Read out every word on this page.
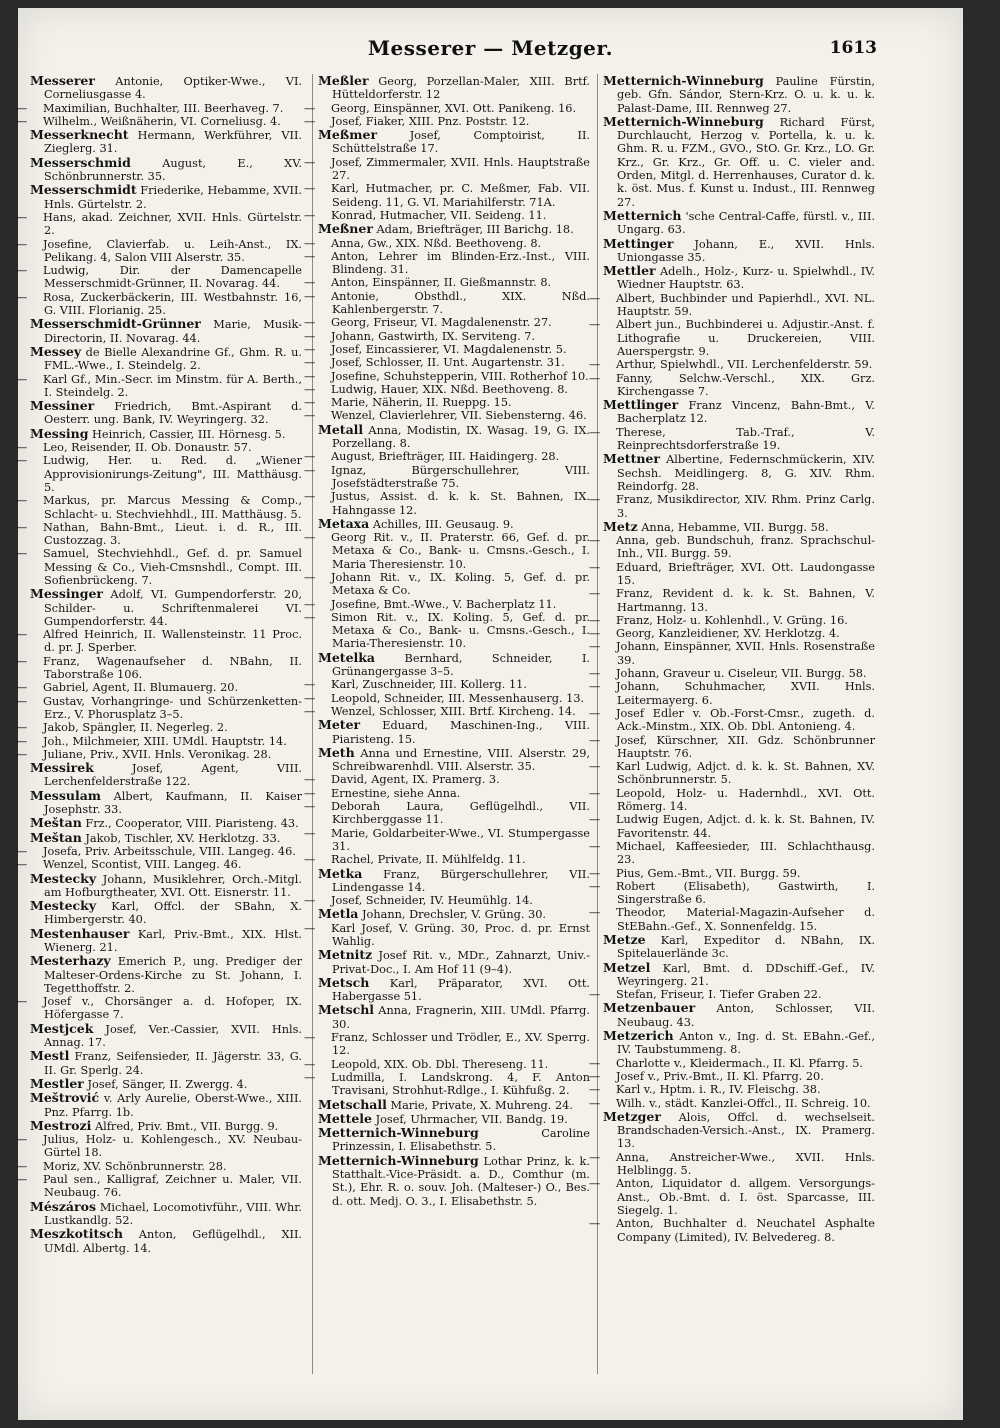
Messerer — Metzger.	1613
Messerer Antonie, Optiker-Wwe., VI. Corneliusgasse 4.
— Maximilian, Buchhalter, III. Beerhaveg. 7.
— Wilhelm., Weißnäherin, VI. Corneliusg. 4.
Messerknecht Hermann, Werkführer, VII. Zieglerg. 31.
Messerschmid	August, E., XV. Schönbrunnerstr. 35.
Messerschmidt Friederike, Hebamme, XVII. Hnls. Gürtelstr. 2.
— Hans, akad. Zeichner, XVII. Hnls. Gürtelstr. 2.
— Josefine, Clavierfab. u. Leih-Anst., IX. Pelikang. 4, Salon VIII Alserstr. 35.
— Ludwig, Dir. der Damencapelle Messerschmidt-Grünner, II. Novarag. 44.
— Rosa, Zuckerbäckerin, III. Westbahnstr. 16, G. VIII. Florianig. 25.
Messerschmidt-Grünner Marie, Musik-Directorin, II. Novarag. 44.
Messey de Bielle Alexandrine Gf., Ghm. R. u. FML.-Wwe., I. Steindelg. 2.
— Karl Gf., Min.-Secr. im Minstm. für A. Berth., I. Steindelg. 2.
Messiner Friedrich, Bmt.-Aspirant d. Oesterr. ung. Bank, IV. Weyringerg. 32.
Messing Heinrich, Cassier, III. Hörnesg. 5.
— Leo, Reisender, II. Ob. Donaustr. 57.
— Ludwig, Her. u. Red. d. „Wiener Approvisionirungs-Zeitung", III. Matthäusg. 5.
— Markus, pr. Marcus Messing & Comp., Schlacht- u. Stechviehhdl., III. Matthäusg. 5.
— Nathan, Bahn-Bmt., Lieut. i. d. R., III. Custozzag. 3.
— Samuel, Stechviehhdl., Gef. d. pr. Samuel Messing & Co., Vieh-Cmsnshdl., Compt. III. Sofienbrückeng. 7.
Messinger Adolf, VI. Gumpendorferstr. 20, Schilder- u. Schriftenmalerei VI. Gumpendorferstr. 44.
— Alfred Heinrich, II. Wallensteinstr. 11 Proc. d. pr. J. Sperber.
— Franz, Wagenaufseher d. NBahn, II. Taborstraße 106.
— Gabriel, Agent, II. Blumauerg. 20.
— Gustav, Vorhangringe- und Schürzenketten-Erz., V. Phorusplatz 3–5.
— Jakob, Spängler, II. Negerleg. 2.
— Joh., Milchmeier, XIII. UMdl. Hauptstr. 14.
— Juliane, Priv., XVII. Hnls. Veronikag. 28.
Messirek	Josef, Agent, VIII. Lerchenfelderstraße 122.
Messulam Albert, Kaufmann, II. Kaiser Josephstr. 33.
Meštan Frz., Cooperator, VIII. Piaristeng. 43.
Meštan Jakob, Tischler, XV. Herklotzg. 33.
— Josefa, Priv. Arbeitsschule, VIII. Langeg. 46.
— Wenzel, Scontist, VIII. Langeg. 46.
Mestecky Johann, Musiklehrer, Orch.-Mitgl. am Hofburgtheater, XVI. Ott. Eisnerstr. 11.
Mestecky Karl, Offcl. der SBahn, X. Himbergerstr. 40.
Mestenhauser Karl, Priv.-Bmt., XIX. Hlst. Wienerg. 21.
Mesterhazy Emerich P., ung. Prediger der Malteser-Ordens-Kirche zu St. Johann, I. Tegetthoffstr. 2.
— Josef v., Chorsänger a. d. Hofoper, IX. Höfergasse 7.
Mestjcek Josef, Ver.-Cassier, XVII. Hnls. Annag. 17.
Mestl Franz, Seifensieder, II. Jägerstr. 33, G. II. Gr. Sperlg. 24.
Mestler Josef, Sänger, II. Zwergg. 4.
Meštrović v. Arly Aurelie, Oberst-Wwe., XIII. Pnz. Pfarrg. 1b.
Mestrozi Alfred, Priv. Bmt., VII. Burgg. 9.
— Julius, Holz- u. Kohlengesch., XV. Neubau-Gürtel 18.
— Moriz, XV. Schönbrunnerstr. 28.
— Paul sen., Kalligraf, Zeichner u. Maler, VII. Neubaug. 76.
Mészáros Michael, Locomotivführ., VIII. Whr. Lustkandlg. 52.
Meszkotitsch Anton, Geflügelhdl., XII. UMdl. Albertg. 14.
Meßler Georg, Porzellan-Maler, XIII. Brtf. Hütteldorferstr. 12
— Georg, Einspänner, XVI. Ott. Panikeng. 16.
— Josef, Fiaker, XIII. Pnz. Poststr. 12.
Meßmer	Josef, Comptoirist, II. Schüttelstraße 17.
— Josef, Zimmermaler, XVII. Hnls. Hauptstraße 27.
— Karl, Hutmacher, pr. C. Meßmer, Fab. VII. Seideng. 11, G. VI. Mariahilferstr. 71A.
— Konrad, Hutmacher, VII. Seideng. 11.
Meßner Adam, Briefträger, III Barichg. 18.
— Anna, Gw., XIX. Nßd. Beethoveng. 8.
— Anton, Lehrer im Blinden-Erz.-Inst., VIII. Blindeng. 31.
— Anton, Einspänner, II. Gießmannstr. 8.
— Antonie, Obsthdl., XIX. Nßd. Kahlenbergerstr. 7.
— Georg, Friseur, VI. Magdalenenstr. 27.
— Johann, Gastwirth, IX. Serviteng. 7.
— Josef, Eincassierer, VI. Magdalenenstr. 5.
— Josef, Schlosser, II. Unt. Augartenstr. 31.
— Josefine, Schuhstepperin, VIII. Rotherhof 10.
— Ludwig, Hauer, XIX. Nßd. Beethoveng. 8.
— Marie, Näherin, II. Rueppg. 15.
— Wenzel, Clavierlehrer, VII. Siebensterng. 46.
Metall Anna, Modistin, IX. Wasag. 19, G. IX. Porzellang. 8.
— August, Briefträger, III. Haidingerg. 28.
— Ignaz, Bürgerschullehrer, VIII. Josefstädterstraße 75.
— Justus, Assist. d. k. k. St. Bahnen, IX. Hahngasse 12.
Metaxa Achilles, III. Geusaug. 9.
— Georg Rit. v., II. Praterstr. 66, Gef. d. pr. Metaxa & Co., Bank- u. Cmsns.-Gesch., I. Maria Theresienstr. 10.
— Johann Rit. v., IX. Koling. 5, Gef. d. pr. Metaxa & Co.
— Josefine, Bmt.-Wwe., V. Bacherplatz 11.
— Simon Rit. v., IX. Koling. 5, Gef. d. pr. Metaxa & Co., Bank- u. Cmsns.-Gesch., I. Maria-Theresienstr. 10.
Metelka	Bernhard, Schneider, I. Grünangergasse 3–5.
— Karl, Zuschneider, III. Kollerg. 11.
— Leopold, Schneider, III. Messenhauserg. 13.
— Wenzel, Schlosser, XIII. Brtf. Kircheng. 14.
Meter Eduard, Maschinen-Ing., VIII. Piaristeng. 15.
Meth Anna und Ernestine, VIII. Alserstr. 29, Schreibwarenhdl. VIII. Alserstr. 35.
— David, Agent, IX. Pramerg. 3.
— Ernestine, siehe Anna.
— Deborah Laura, Geflügelhdl., VII. Kirchberggasse 11.
— Marie, Goldarbeiter-Wwe., VI. Stumpergasse 31.
— Rachel, Private, II. Mühlfeldg. 11.
Metka Franz, Bürgerschullehrer, VII. Lindengasse 14.
— Josef, Schneider, IV. Heumühlg. 14.
Metla Johann, Drechsler, V. Grüng. 30.
— Karl Josef, V. Grüng. 30, Proc. d. pr. Ernst Wahlig.
Metnitz Josef Rit. v., MDr., Zahnarzt, Univ.-Privat-Doc., I. Am Hof 11 (9–4).
Metsch Karl, Präparator, XVI. Ott. Habergasse 51.
Metschl Anna, Fragnerin, XIII. UMdl. Pfarrg. 30.
— Franz, Schlosser und Trödler, E., XV. Sperrg. 12.
— Leopold, XIX. Ob. Dbl. Thereseng. 11.
— Ludmilla, I. Landskrong. 4, F. Anton Travisani, Strohhut-Rdlge., I. Kühfußg. 2.
Metschall Marie, Private, X. Muhreng. 24.
Mettele Josef, Uhrmacher, VII. Bandg. 19.
Metternich-Winneburg	Caroline Prinzessin, I. Elisabethstr. 5.
Metternich-Winneburg Lothar Prinz, k. k. Statthalt.-Vice-Präsidt. a. D., Comthur (m. St.), Ehr. R. o. souv. Joh. (Malteser-) O., Bes. d. ott. Medj. O. 3., I. Elisabethstr. 5.
Metternich-Winneburg Pauline Fürstin, geb. Gfn. Sándor, Stern-Krz. O. u. k. u. k. Palast-Dame, III. Rennweg 27.
Metternich-Winneburg Richard Fürst, Durchlaucht, Herzog v. Portella, k. u. k. Ghm. R. u. FZM., GVO., StO. Gr. Krz., LO. Gr. Krz., Gr. Krz., Gr. Off. u. C. vieler and. Orden, Mitgl. d. Herrenhauses, Curator d. k. k. öst. Mus. f. Kunst u. Indust., III. Rennweg 27.
Metternich 'sche Central-Caffe, fürstl. v., III. Ungarg. 63.
Mettinger Johann, E., XVII. Hnls. Uniongasse 35.
Mettler Adelh., Holz-, Kurz- u. Spielwhdl., IV. Wiedner Hauptstr. 63.
— Albert, Buchbinder und Papierhdl., XVI. NL. Hauptstr. 59.
— Albert jun., Buchbinderei u. Adjustir.-Anst. f. Lithografie u. Druckereien, VIII. Auerspergstr. 9.
— Arthur, Spielwhdl., VII. Lerchenfelderstr. 59.
— Fanny, Selchw.-Verschl., XIX. Grz. Kirchengasse 7.
Mettlinger Franz Vincenz, Bahn-Bmt., V. Bacherplatz 12.
— Therese, Tab.-Traf., V. Reinprechtsdorferstraße 19.
Mettner Albertine, Federnschmückerin, XIV. Sechsh. Meidlingerg. 8, G. XIV. Rhm. Reindorfg. 28.
— Franz, Musikdirector, XIV. Rhm. Prinz Carlg. 3.
Metz Anna, Hebamme, VII. Burgg. 58.
— Anna, geb. Bundschuh, franz. Sprachschul-Inh., VII. Burgg. 59.
— Eduard, Briefträger, XVI. Ott. Laudongasse 15.
— Franz, Revident d. k. k. St. Bahnen, V. Hartmanng. 13.
— Franz, Holz- u. Kohlenhdl., V. Grüng. 16.
— Georg, Kanzleidiener, XV. Herklotzg. 4.
— Johann, Einspänner, XVII. Hnls. Rosenstraße 39.
— Johann, Graveur u. Ciseleur, VII. Burgg. 58.
— Johann, Schuhmacher, XVII. Hnls. Leitermayerg. 6.
— Josef Edler v. Ob.-Forst-Cmsr., zugeth. d. Ack.-Minstm., XIX. Ob. Dbl. Antonieng. 4.
— Josef, Kürschner, XII. Gdz. Schönbrunner Hauptstr. 76.
— Karl Ludwig, Adjct. d. k. k. St. Bahnen, XV. Schönbrunnerstr. 5.
— Leopold, Holz- u. Hadernhdl., XVI. Ott. Römerg. 14.
— Ludwig Eugen, Adjct. d. k. k. St. Bahnen, IV. Favoritenstr. 44.
— Michael, Kaffeesieder, III. Schlachthausg. 23.
— Pius, Gem.-Bmt., VII. Burgg. 59.
— Robert (Elisabeth), Gastwirth, I. Singerstraße 6.
— Theodor, Material-Magazin-Aufseher d. StEBahn.-Gef., X. Sonnenfeldg. 15.
Metze Karl, Expeditor d. NBahn, IX. Spitelauerlände 3c.
Metzel Karl, Bmt. d. DDschiff.-Gef., IV. Weyringerg. 21.
— Stefan, Friseur, I. Tiefer Graben 22.
Metzenbauer Anton, Schlosser, VII. Neubaug. 43.
Metzerich Anton v., Ing. d. St. EBahn.-Gef., IV. Taubstummeng. 8.
— Charlotte v., Kleidermach., II. Kl. Pfarrg. 5.
— Josef v., Priv.-Bmt., II. Kl. Pfarrg. 20.
— Karl v., Hptm. i. R., IV. Fleischg. 38.
— Wilh. v., städt. Kanzlei-Offcl., II. Schreig. 10.
Metzger Alois, Offcl. d. wechselseit. Brandschaden-Versich.-Anst., IX. Pramerg. 13.
— Anna, Anstreicher-Wwe., XVII. Hnls. Helblingg. 5.
— Anton, Liquidator d. allgem. Versorgungs-Anst., Ob.-Bmt. d. I. öst. Sparcasse, III. Siegelg. 1.
— Anton, Buchhalter d. Neuchatel Asphalte Company (Limited), IV. Belvedereg. 8.
